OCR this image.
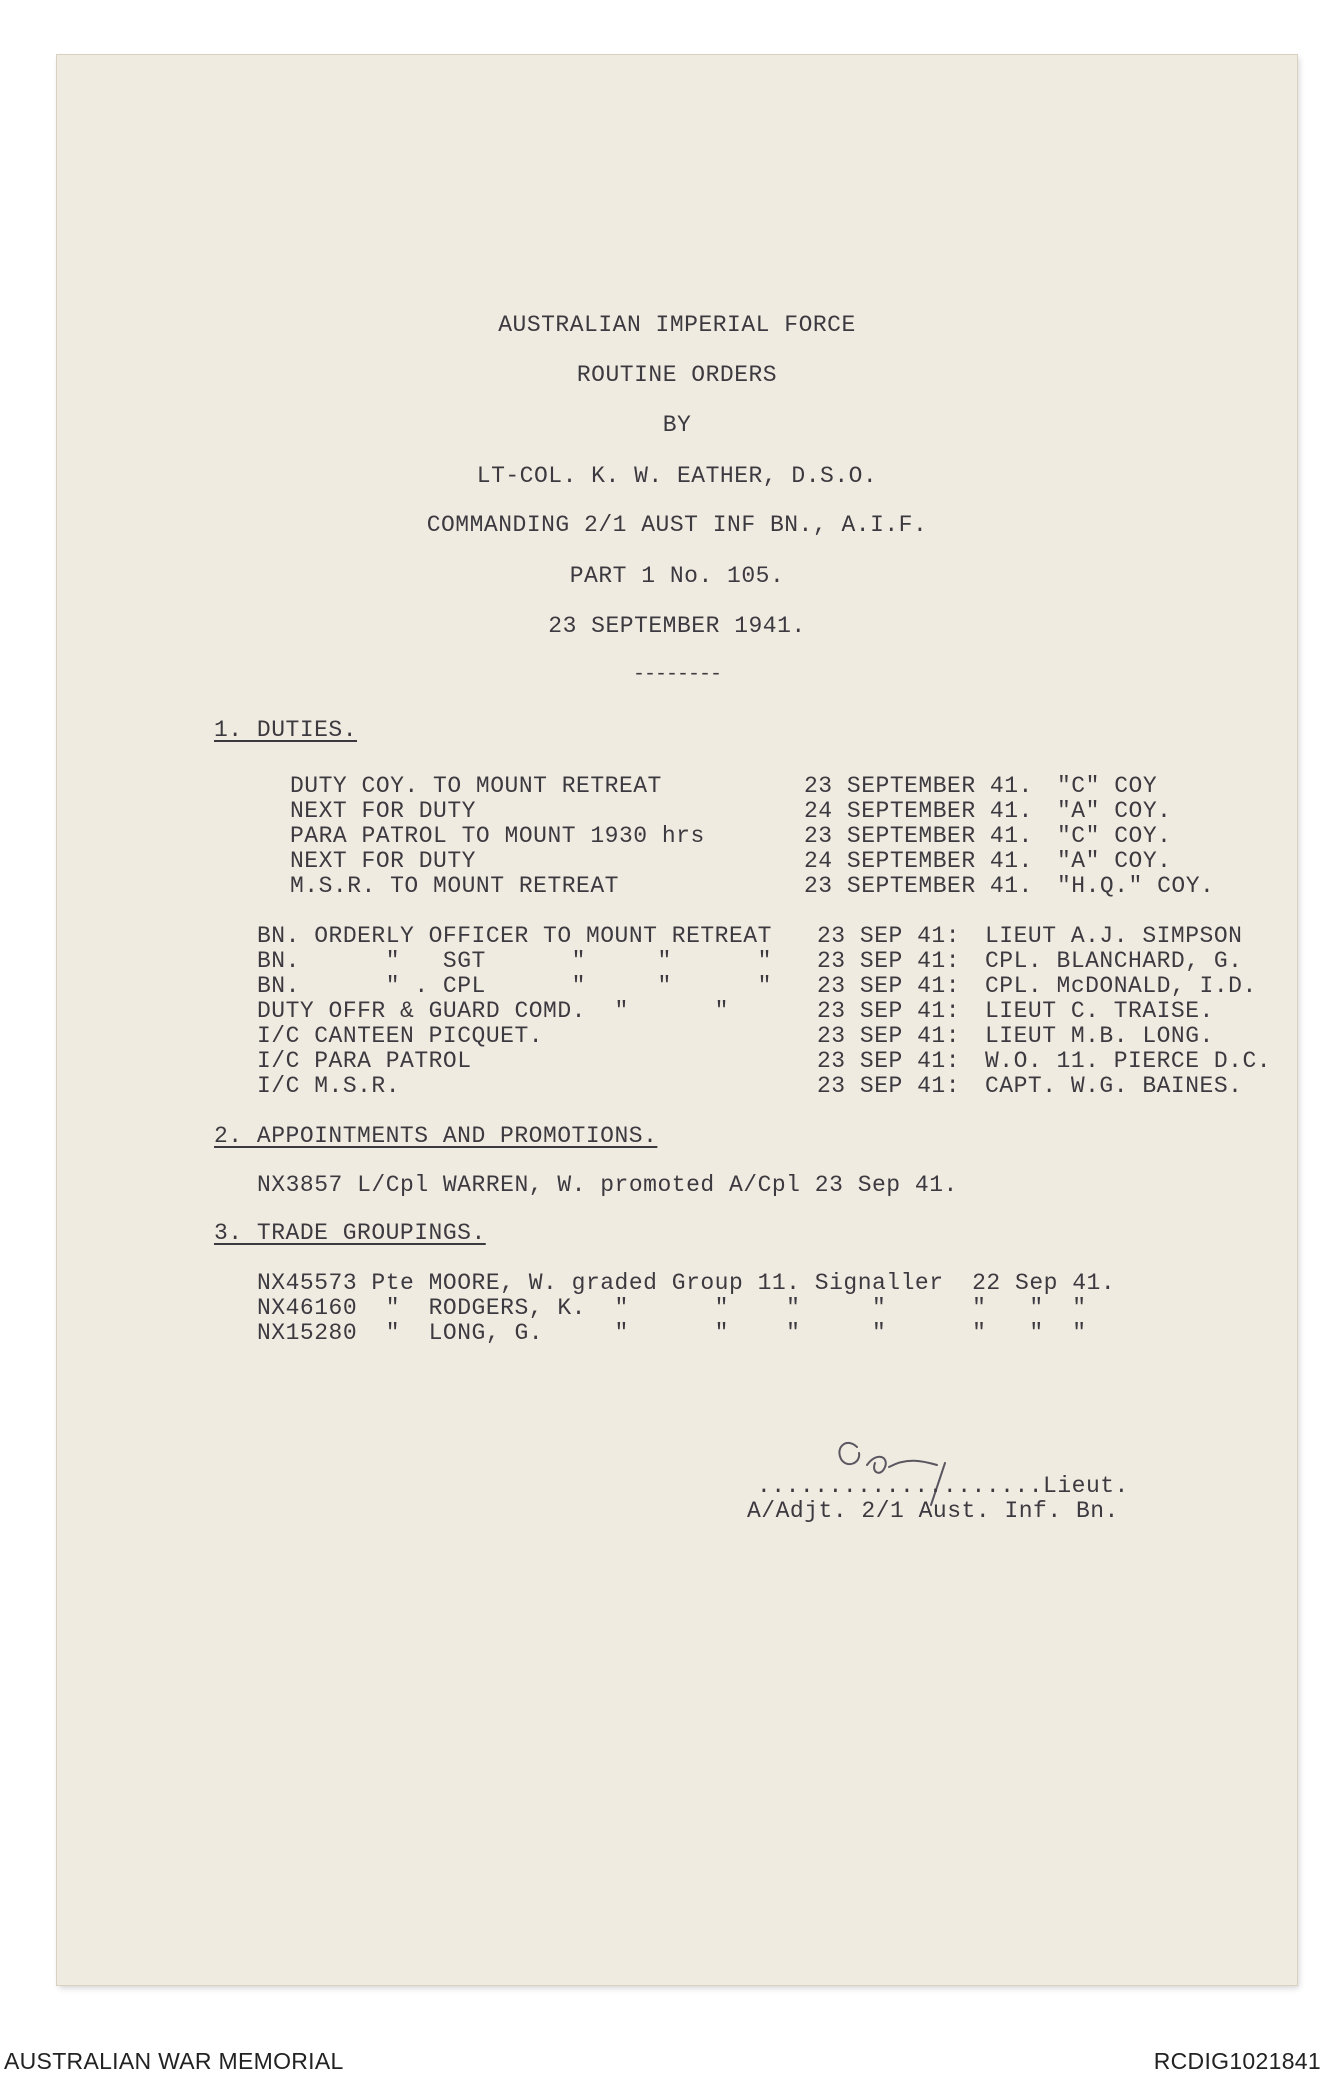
AUSTRALIAN IMPERIAL FORCE
ROUTINE ORDERS
BY
LT-COL. K. W. EATHER, D.S.O.
COMMANDING 2/1 AUST INF BN., A.I.F.
PART 1 No. 105.
23 SEPTEMBER 1941.
--------
1. DUTIES.
DUTY COY. TO MOUNT RETREAT	23 SEPTEMBER 41. "C" COY
NEXT FOR DUTY	24 SEPTEMBER 41. "A" COY.
PARA PATROL TO MOUNT 1930 hrs	23 SEPTEMBER 41. "C" COY.
NEXT FOR DUTY	24 SEPTEMBER 41. "A" COY.
M.S.R. TO MOUNT RETREAT	23 SEPTEMBER 41. "H.Q." COY.
BN. ORDERLY OFFICER TO MOUNT RETREAT 23 SEP 41: LIEUT A.J. SIMPSON
BN.      "   SGT      "     "      " 23 SEP 41: CPL. BLANCHARD, G.
BN.      " . CPL      "     "      " 23 SEP 41: CPL. McDONALD, I.D.
DUTY OFFR & GUARD COMD.  "      "	23 SEP 41: LIEUT C. TRAISE.
I/C CANTEEN PICQUET.	23 SEP 41: LIEUT M.B. LONG.
I/C PARA PATROL	23 SEP 41: W.O. 11. PIERCE D.C.
I/C M.S.R.	23 SEP 41: CAPT. W.G. BAINES.
2. APPOINTMENTS AND PROMOTIONS.
NX3857 L/Cpl WARREN, W. promoted A/Cpl 23 Sep 41.
3. TRADE GROUPINGS.
NX45573 Pte MOORE, W. graded Group 11. Signaller  22 Sep 41.
NX46160  "  RODGERS, K.  "      "    "     "      "   "  "
NX15280  "  LONG, G.     "      "    "     "      "   "  "
....................Lieut.
A/Adjt. 2/1 Aust. Inf. Bn.
AUSTRALIAN WAR MEMORIAL	RCDIG1021841
